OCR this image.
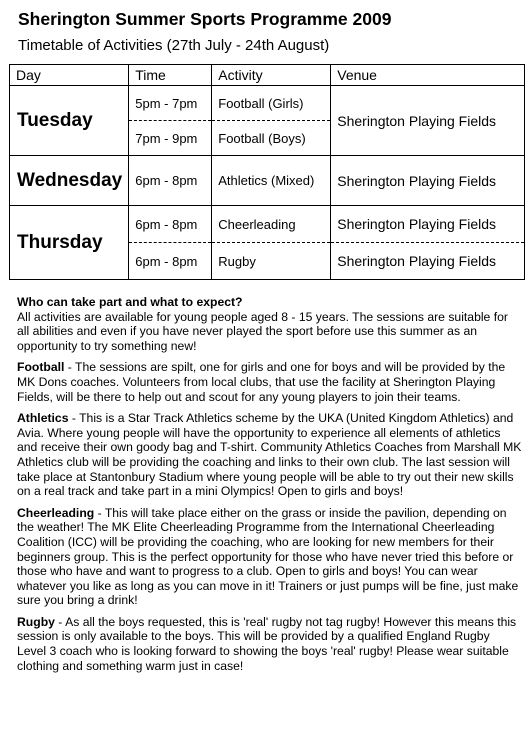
Sherington Summer Sports Programme 2009
Timetable of Activities (27th July - 24th August)
Day	Time	Activity	Venue
Tuesday	5pm - 7pm	Football (Girls)	Sherington Playing Fields
	7pm - 9pm	Football (Boys)	
Wednesday	6pm - 8pm	Athletics (Mixed)	Sherington Playing Fields
Thursday	6pm - 8pm	Cheerleading	Sherington Playing Fields
	6pm - 8pm	Rugby	Sherington Playing Fields

Who can take part and what to expect?
All activities are available for young people aged 8 - 15 years. The sessions are suitable for all abilities and even if you have never played the sport before use this summer as an opportunity to try something new!

Football - The sessions are spilt, one for girls and one for boys and will be provided by the MK Dons coaches. Volunteers from local clubs, that use the facility at Sherington Playing Fields, will be there to help out and scout for any young players to join their teams.

Athletics - This is a Star Track Athletics scheme by the UKA (United Kingdom Athletics) and Avia. Where young people will have the opportunity to experience all elements of athletics and receive their own goody bag and T-shirt. Community Athletics Coaches from Marshall MK Athletics club will be providing the coaching and links to their own club. The last session will take place at Stantonbury Stadium where young people will be able to try out their new skills on a real track and take part in a mini Olympics! Open to girls and boys!

Cheerleading - This will take place either on the grass or inside the pavilion, depending on the weather! The MK Elite Cheerleading Programme from the International Cheerleading Coalition (ICC) will be providing the coaching, who are looking for new members for their beginners group. This is the perfect opportunity for those who have never tried this before or those who have and want to progress to a club. Open to girls and boys! You can wear whatever you like as long as you can move in it! Trainers or just pumps will be fine, just make sure you bring a drink!

Rugby - As all the boys requested, this is 'real' rugby not tag rugby! However this means this session is only available to the boys. This will be provided by a qualified England Rugby Level 3 coach who is looking forward to showing the boys 'real' rugby! Please wear suitable clothing and something warm just in case!
